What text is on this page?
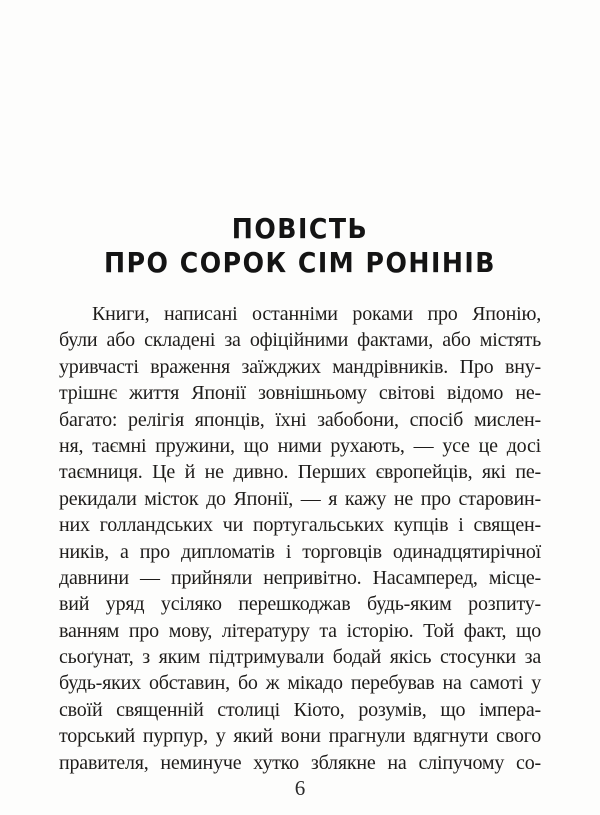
ПОВІСТЬ
ПРО СОРОК СІМ РОНІНІВ
Книги, написані останніми роками про Японію,
були або складені за офіційними фактами, або містять
уривчасті враження заїжджих мандрівників. Про вну-
трішнє життя Японії зовнішньому світові відомо не-
багато: релігія японців, їхні забобони, спосіб мислен-
ня, таємні пружини, що ними рухають, — усе це досі
таємниця. Це й не дивно. Перших європейців, які пе-
рекидали місток до Японії, — я кажу не про старовин-
них голландських чи португальських купців і священ-
ників, а про дипломатів і торговців одинадцятирічної
давнини — прийняли непривітно. Насамперед, місце-
вий уряд усіляко перешкоджав будь-яким розпиту-
ванням про мову, літературу та історію. Той факт, що
сьоґунат, з яким підтримували бодай якісь стосунки за
будь-яких обставин, бо ж мікадо перебував на самоті у
своїй священній столиці Кіото, розумів, що імпера-
торський пурпур, у який вони прагнули вдягнути свого
правителя, неминуче хутко зблякне на сліпучому со-
6
